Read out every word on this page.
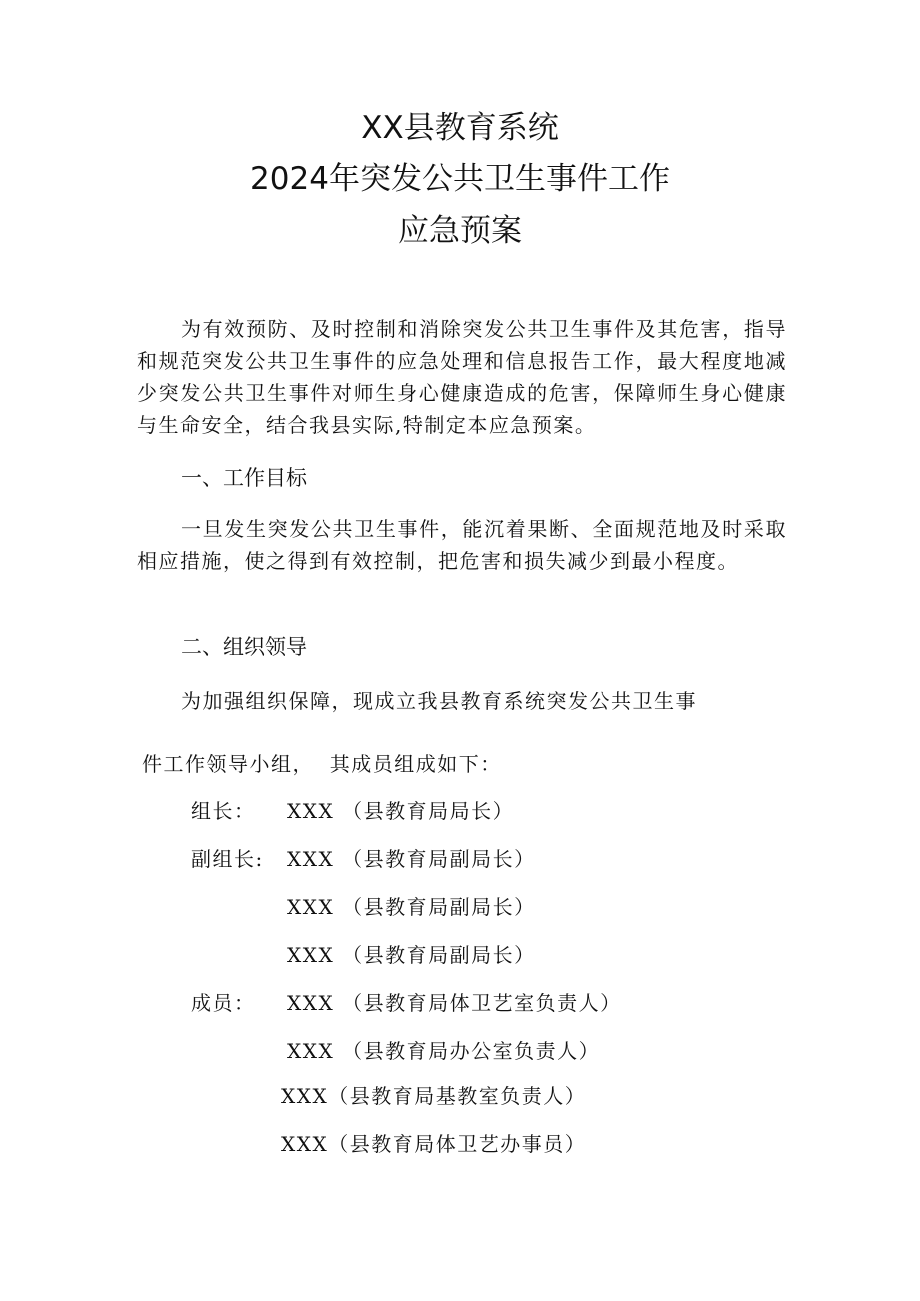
XX县教育系统
2024年突发公共卫生事件工作
应急预案

为有效预防、及时控制和消除突发公共卫生事件及其危害，指导和规范突发公共卫生事件的应急处理和信息报告工作，最大程度地减少突发公共卫生事件对师生身心健康造成的危害，保障师生身心健康与生命安全，结合我县实际,特制定本应急预案。

一、工作目标

一旦发生突发公共卫生事件，能沉着果断、全面规范地及时采取相应措施，使之得到有效控制，把危害和损失减少到最小程度。

二、组织领导
为加强组织保障，现成立我县教育系统突发公共卫生事
件工作领导小组，  其成员组成如下：
组长： XXX （县教育局局长）
副组长: XXX （县教育局副局长）
XXX （县教育局副局长）
XXX （县教育局副局长）
成员： XXX （县教育局体卫艺室负责人）
XXX （县教育局办公室负责人）
XXX（县教育局基教室负责人）
XXX（县教育局体卫艺办事员）
